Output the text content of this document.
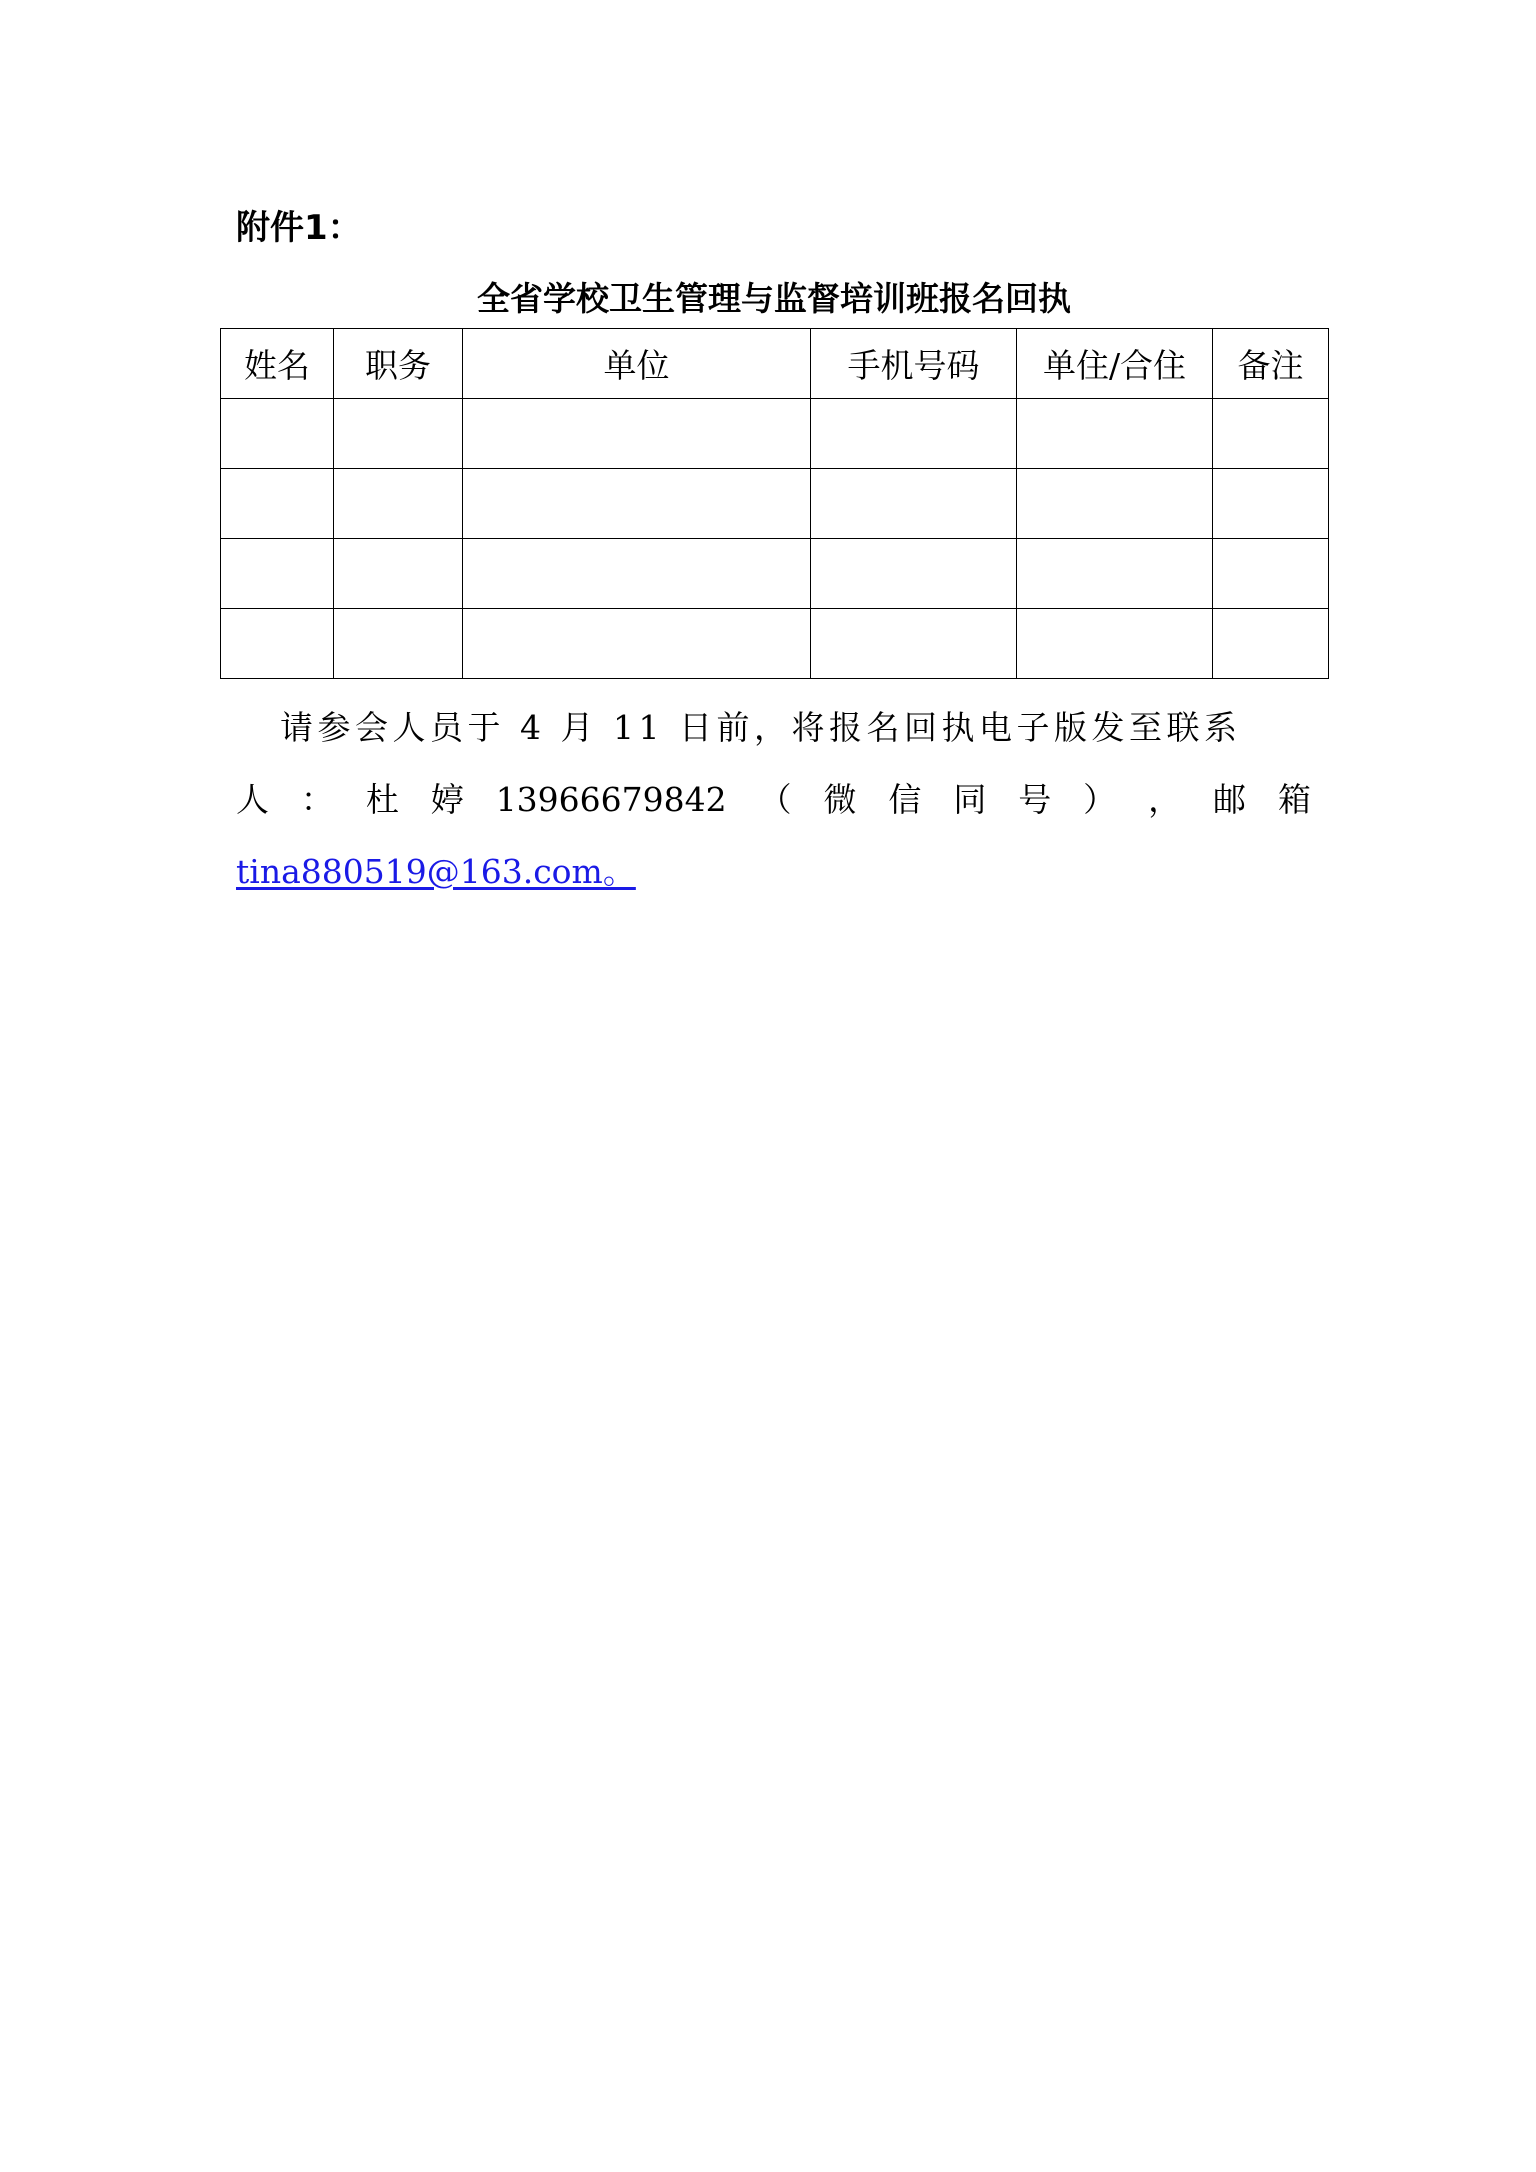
附件1：
全省学校卫生管理与监督培训班报名回执
姓名	职务	单位	手机号码	单住/合住	备注

请参会人员于 4 月 11 日前，将报名回执电子版发至联系
人 ： 杜 婷 13966679842 （ 微 信 同 号 ） ， 邮 箱
tina880519@163.com。
